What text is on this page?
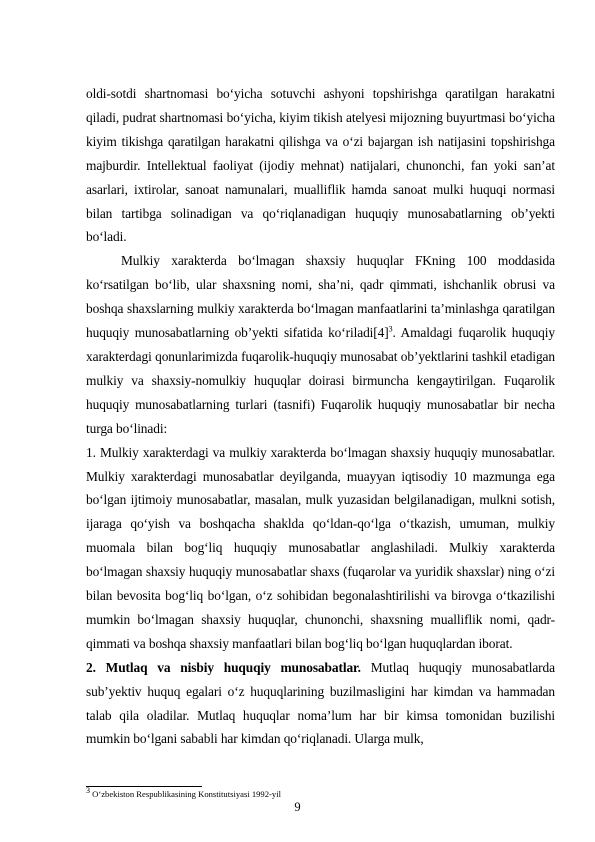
oldi-sotdi shartnomasi bo‘yicha sotuvchi ashyoni topshirishga qaratilgan harakatni qiladi, pudrat shartnomasi bo‘yicha, kiyim tikish atelyesi mijozning buyurtmasi bo‘yicha kiyim tikishga qaratilgan harakatni qilishga va o‘zi bajargan ish natijasini topshirishga majburdir. Intellektual faoliyat (ijodiy mehnat) natijalari, chunonchi, fan yoki san’at asarlari, ixtirolar, sanoat namunalari, mualliflik hamda sanoat mulki huquqi normasi bilan tartibga solinadigan va qo‘riqlanadigan huquqiy munosabatlarning ob’yekti bo‘ladi.

Mulkiy xarakterda bo‘lmagan shaxsiy huquqlar FKning 100 moddasida ko‘rsatilgan bo‘lib, ular shaxsning nomi, sha’ni, qadr qimmati, ishchanlik obrusi va boshqa shaxslarning mulkiy xarakterda bo‘lmagan manfaatlarini ta’minlashga qaratilgan huquqiy munosabatlarning ob’yekti sifatida $ko‘riladi[4]^3$. Amaldagi fuqarolik huquqiy xarakterdagi qonunlarimizda fuqarolik-huquqiy munosabat ob’yektlarini tashkil etadigan mulkiy va shaxsiy-nomulkiy huquqlar doirasi birmuncha kengaytirilgan. Fuqarolik huquqiy munosabatlarning turlari (tasnifi) Fuqarolik huquqiy munosabatlar bir necha turga bo‘linadi:

1. Mulkiy xarakterdagi va mulkiy xarakterda bo‘lmagan shaxsiy huquqiy munosabatlar. Mulkiy xarakterdagi munosabatlar deyilganda, muayyan iqtisodiy 10 mazmunga ega bo‘lgan ijtimoiy munosabatlar, masalan, mulk yuzasidan belgilanadigan, mulkni sotish, ijaraga qo‘yish va boshqacha shaklda qo‘ldan-qo‘lga o‘tkazish, umuman, mulkiy muomala bilan bog‘liq huquqiy munosabatlar anglashiladi. Mulkiy xarakterda bo‘lmagan shaxsiy huquqiy munosabatlar shaxs (fuqarolar va yuridik shaxslar) ning o‘zi bilan bevosita bog‘liq bo‘lgan, o‘z sohibidan begonalashtirilishi va birovga o‘tkazilishi mumkin bo‘lmagan shaxsiy huquqlar, chunonchi, shaxsning mualliflik nomi, qadr-qimmati va boshqa shaxsiy manfaatlari bilan bog‘liq bo‘lgan huquqlardan iborat.

2. Mutlaq va nisbiy huquqiy munosabatlar. Mutlaq huquqiy munosabatlarda sub’yektiv huquq egalari o‘z huquqlarining buzilmasligini har kimdan va hammadan talab qila oladilar. Mutlaq huquqlar noma’lum har bir kimsa tomonidan buzilishi mumkin bo‘lgani sababli har kimdan qo‘riqlanadi. Ularga mulk,

$^3$ O‘zbekiston Respublikasining Konstitutsiyasi 1992-yil
9
